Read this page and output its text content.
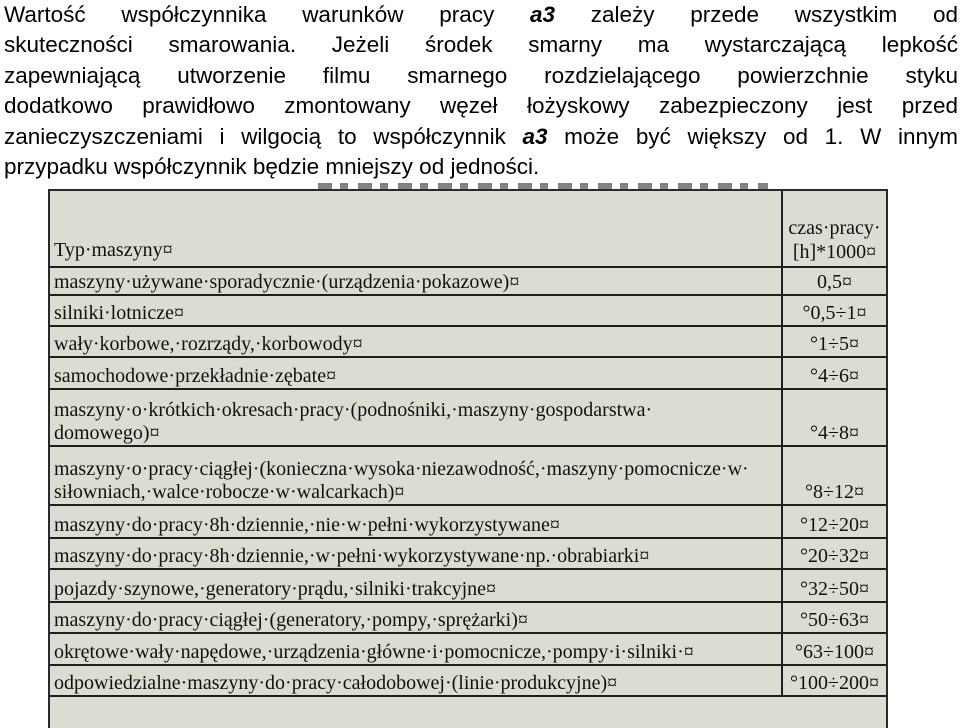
Wartość współczynnika warunków pracy a3 zależy przede wszystkim od
skuteczności smarowania. Jeżeli środek smarny ma wystarczającą lepkość
zapewniającą utworzenie filmu smarnego rozdzielającego powierzchnie styku
dodatkowo prawidłowo zmontowany węzeł łożyskowy zabezpieczony jest przed
zanieczyszczeniami i wilgocią to współczynnik a3 może być większy od 1. W innym
przypadku współczynnik będzie mniejszy od jedności.
Typ·maszyny¤	czas·pracy·
[h]*1000¤
maszyny·używane·sporadycznie·(urządzenia·pokazowe)¤	0,5¤
silniki·lotnicze¤	°0,5÷1¤
wały·korbowe,·rozrządy,·korbowody¤	°1÷5¤
samochodowe·przekładnie·zębate¤	°4÷6¤
maszyny·o·krótkich·okresach·pracy·(podnośniki,·maszyny·gospodarstwa·
domowego)¤	°4÷8¤
maszyny·o·pracy·ciągłej·(konieczna·wysoka·niezawodność,·maszyny·pomocnicze·w·
siłowniach,·walce·robocze·w·walcarkach)¤	°8÷12¤
maszyny·do·pracy·8h·dziennie,·nie·w·pełni·wykorzystywane¤	°12÷20¤
maszyny·do·pracy·8h·dziennie,·w·pełni·wykorzystywane·np.·obrabiarki¤	°20÷32¤
pojazdy·szynowe,·generatory·prądu,·silniki·trakcyjne¤	°32÷50¤
maszyny·do·pracy·ciągłej·(generatory,·pompy,·sprężarki)¤	°50÷63¤
okrętowe·wały·napędowe,·urządzenia·główne·i·pomocnicze,·pompy·i·silniki·¤	°63÷100¤
odpowiedzialne·maszyny·do·pracy·całodobowej·(linie·produkcyjne)¤	°100÷200¤
